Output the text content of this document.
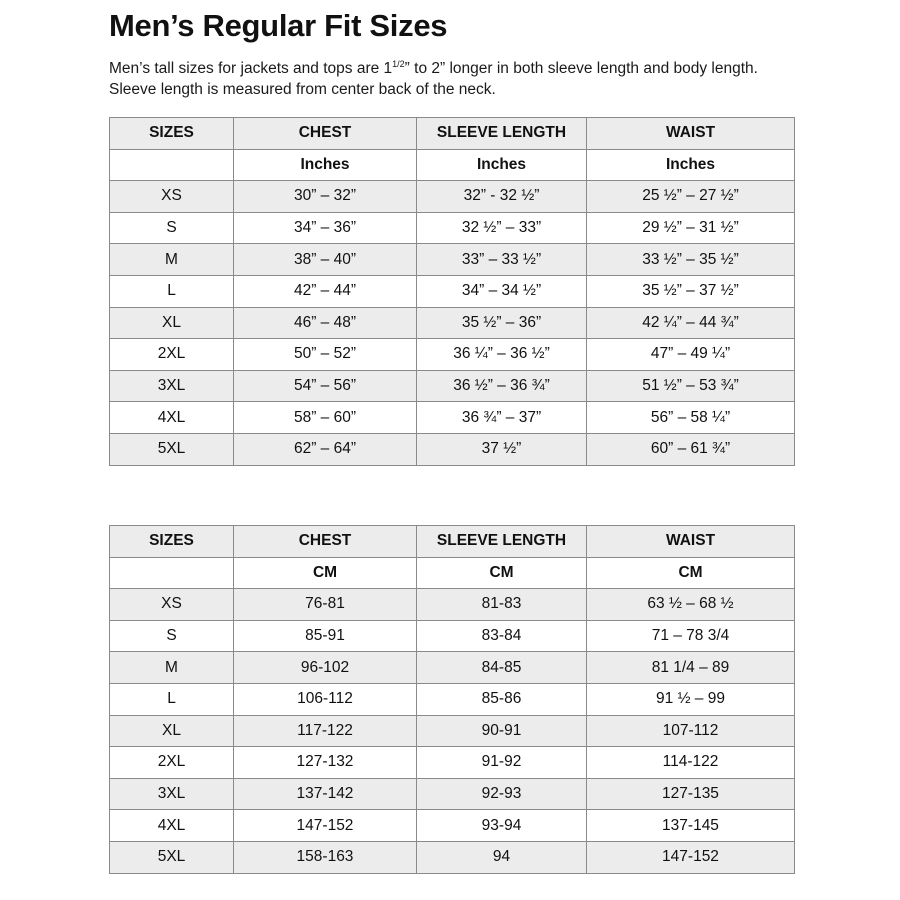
Men’s Regular Fit Sizes

Men’s tall sizes for jackets and tops are $1^{1/2}$” to 2” longer in both sleeve length and body length. Sleeve length is measured from center back of the neck.

SIZES	CHEST	SLEEVE LENGTH	WAIST
	Inches	Inches	Inches
XS	30” – 32”	32” - 32 ½”	25 ½” – 27 ½”
S	34” – 36”	32 ½” – 33”	29 ½” – 31 ½”
M	38” – 40”	33” – 33 ½”	33 ½” – 35 ½”
L	42” – 44”	34” – 34 ½”	35 ½” – 37 ½”
XL	46” – 48”	35 ½” – 36”	42 ¼” – 44 ¾”
2XL	50” – 52”	36 ¼” – 36 ½”	47” – 49 ¼”
3XL	54” – 56”	36 ½” – 36 ¾”	51 ½” – 53 ¾”
4XL	58” – 60”	36 ¾” – 37”	56” – 58 ¼”
5XL	62” – 64”	37 ½”	60” – 61 ¾”
SIZES	CHEST	SLEEVE LENGTH	WAIST
	CM	CM	CM
XS	76-81	81-83	63 ½ – 68 ½
S	85-91	83-84	71 – 78 3/4
M	96-102	84-85	81 1/4 – 89
L	106-112	85-86	91 ½ – 99
XL	117-122	90-91	107-112
2XL	127-132	91-92	114-122
3XL	137-142	92-93	127-135
4XL	147-152	93-94	137-145
5XL	158-163	94	147-152
